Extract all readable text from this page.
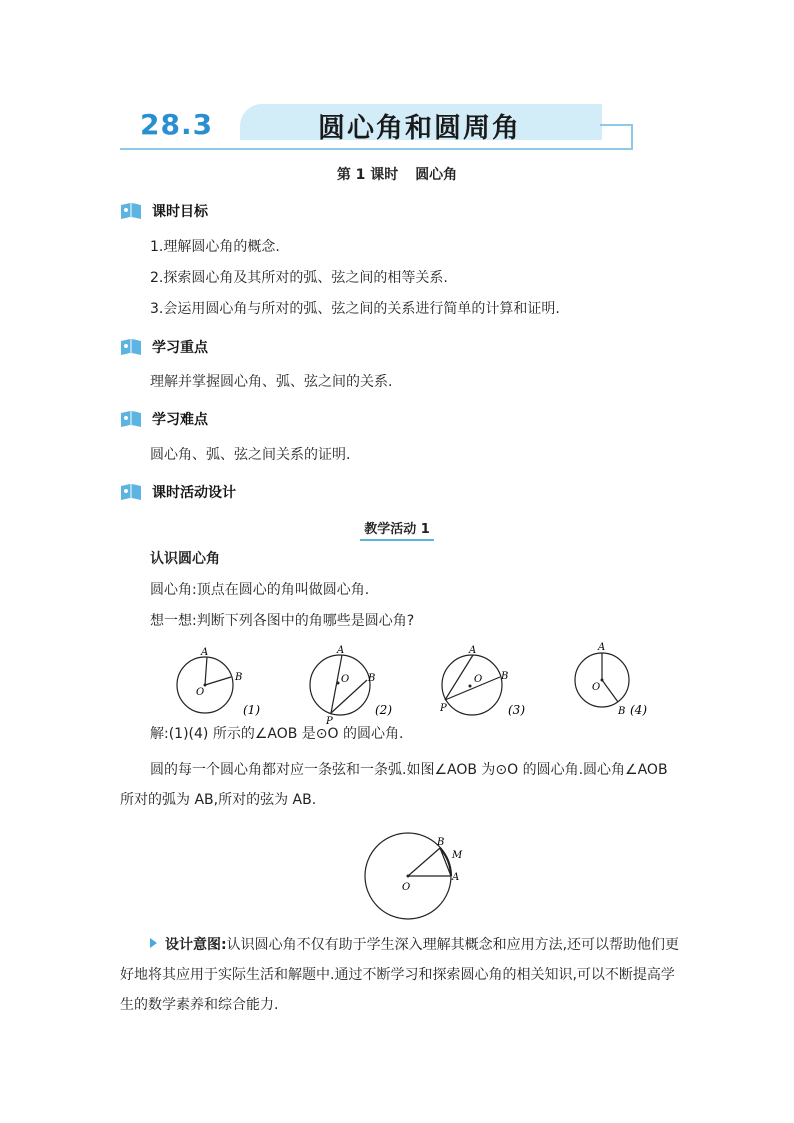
28.3	圆心角和圆周角
第 1 课时 圆心角
课时目标
1.理解圆心角的概念.
2.探索圆心角及其所对的弧、弦之间的相等关系.
3.会运用圆心角与所对的弧、弦之间的关系进行简单的计算和证明.
学习重点
理解并掌握圆心角、弧、弦之间的关系.
学习难点
圆心角、弧、弦之间关系的证明.
课时活动设计
教学活动 1
认识圆心角
圆心角:顶点在圆心的角叫做圆心角.
想一想:判断下列各图中的角哪些是圆心角?
A
B
O
(1)
A
B
O
P
(2)
A
B
O
P	(3)
A
B
O
(4)
解:(1)(4) 所示的∠AOB 是⊙O 的圆心角.
圆的每一个圆心角都对应一条弦和一条弧.如图∠AOB 为⊙O 的圆心角.圆心角∠AOB 所对的弧为 AB,所对的弦为 AB.
B
M
O
A
设计意图:认识圆心角不仅有助于学生深入理解其概念和应用方法,还可以帮助他们更好地将其应用于实际生活和解题中.通过不断学习和探索圆心角的相关知识,可以不断提高学生的数学素养和综合能力.
